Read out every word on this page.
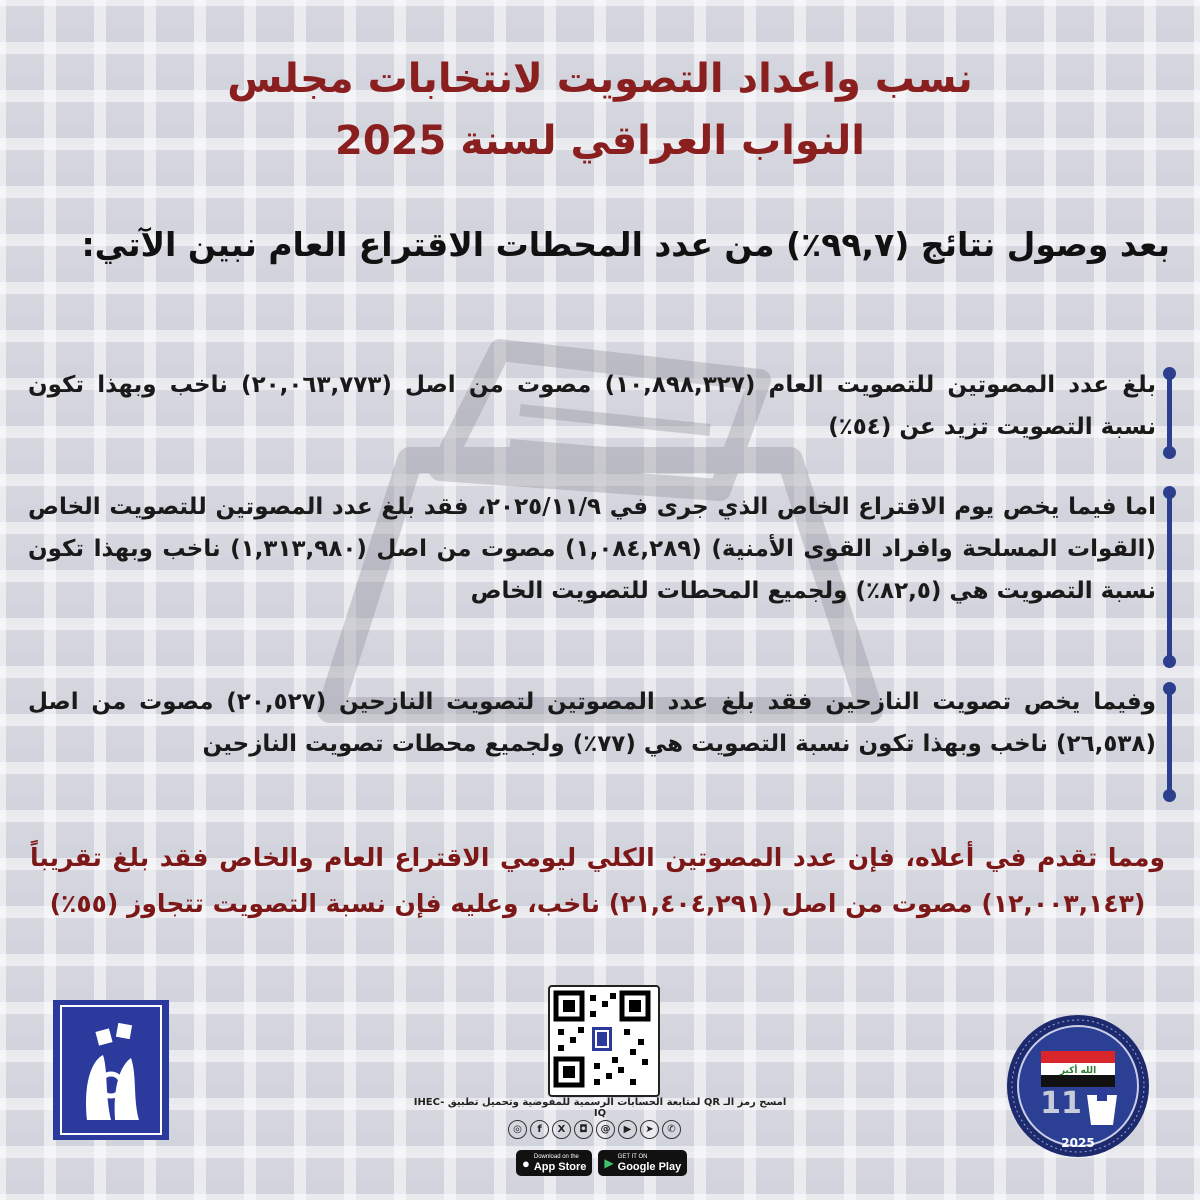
نسب واعداد التصويت لانتخابات مجلس
النواب العراقي لسنة 2025

بعد وصول نتائج (٩٩,٧٪) من عدد المحطات الاقتراع العام نبين الآتي:

بلغ عدد المصوتين للتصويت العام (١٠,٨٩٨,٣٢٧) مصوت من اصل (٢٠,٠٦٣,٧٧٣) ناخب وبهذا تكون نسبة التصويت تزيد عن (٥٤٪)

اما فيما يخص يوم الاقتراع الخاص الذي جرى في ٢٠٢٥/١١/٩، فقد بلغ عدد المصوتين للتصويت الخاص (القوات المسلحة وافراد القوى الأمنية) (١,٠٨٤,٢٨٩) مصوت من اصل (١,٣١٣,٩٨٠) ناخب وبهذا تكون نسبة التصويت هي (٨٢,٥٪) ولجميع المحطات للتصويت الخاص

وفيما يخص تصويت النازحين فقد بلغ عدد المصوتين لتصويت النازحين (٢٠,٥٢٧) مصوت من اصل (٢٦,٥٣٨) ناخب وبهذا تكون نسبة التصويت هي (٧٧٪) ولجميع محطات تصويت النازحين

ومما تقدم في أعلاه، فإن عدد المصوتين الكلي ليومي الاقتراع العام والخاص فقد بلغ تقريباً (١٢,٠٠٣,١٤٣) مصوت من اصل (٢١,٤٠٤,٢٩١) ناخب، وعليه فإن نسبة التصويت تتجاوز (٥٥٪)

امسح رمز الـ QR لمتابعة الحسابات الرسمية للمفوضية وتحميل تطبيق IHEC-IQ

◎	f	X	◘	@	▶	➤	✆
● Download on the
App Store ▶ GET IT ON
Google Play
الله أكبر
11
2025
